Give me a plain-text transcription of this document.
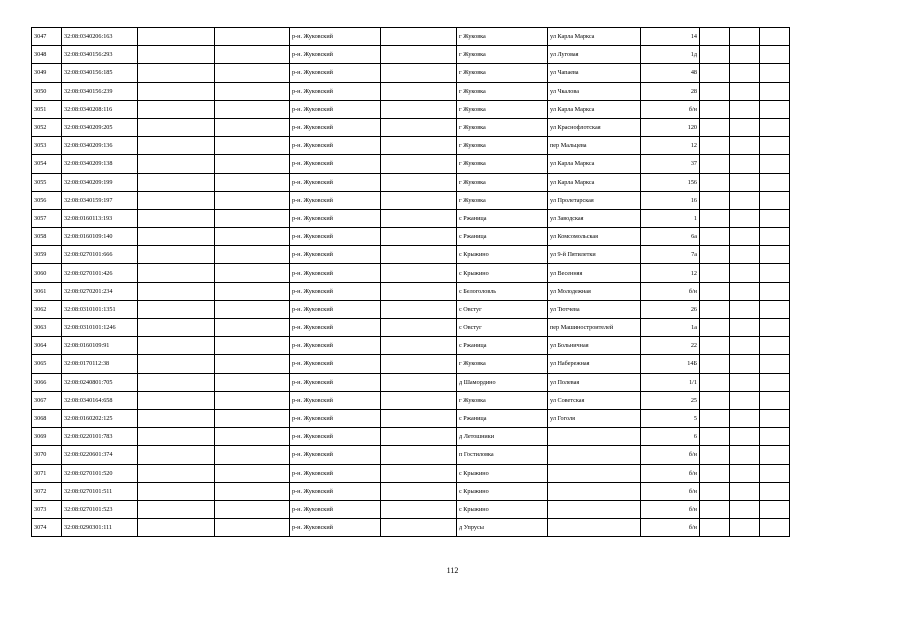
3047	32:08:0340206:163			р-н. Жуковский		г Жуковка	ул Карла Маркса	14			
3048	32:08:0340156:293			р-н. Жуковский		г Жуковка	ул Луговая	1д			
3049	32:08:0340156:185			р-н. Жуковский		г Жуковка	ул Чапаева	48			
3050	32:08:0340156:239			р-н. Жуковский		г Жуковка	ул Чкалова	28			
3051	32:08:0340208:116			р-н. Жуковский		г Жуковка	ул Карла Маркса	б/н			
3052	32:08:0340209:205			р-н. Жуковский		г Жуковка	ул Краснофлотская	120			
3053	32:08:0340209:136			р-н. Жуковский		г Жуковка	пер Мальцева	12			
3054	32:08:0340209:138			р-н. Жуковский		г Жуковка	ул Карла Маркса	37			
3055	32:08:0340209:199			р-н. Жуковский		г Жуковка	ул Карла Маркса	156			
3056	32:08:0340159:197			р-н. Жуковский		г Жуковка	ул Пролетарская	16			
3057	32:08:0160113:193			р-н. Жуковский		с Ржаница	ул Заводская	1			
3058	32:08:0160109:140			р-н. Жуковский		с Ржаница	ул Комсомольская	6а			
3059	32:08:0270101:666			р-н. Жуковский		с Крыжино	ул 9-й Пятилетки	7а			
3060	32:08:0270101:426			р-н. Жуковский		с Крыжино	ул Весенняя	12			
3061	32:08:0270201:234			р-н. Жуковский		с Белоголовль	ул Молодежная	б/н			
3062	32:08:0310101:1351			р-н. Жуковский		с Овстуг	ул Тютчева	26			
3063	32:08:0310101:1246			р-н. Жуковский		с Овстуг	пер Машиностроителей	1а			
3064	32:08:0160109:91			р-н. Жуковский		с Ржаница	ул Больничная	22			
3065	32:08:0170112:38			р-н. Жуковский		г Жуковка	ул Набережная	14Б			
3066	32:08:0240801:705			р-н. Жуковский		д Шамордино	ул Полевая	1/1			
3067	32:08:0340164:658			р-н. Жуковский		г Жуковка	ул Советская	25			
3068	32:08:0160202:125			р-н. Жуковский		с Ржаница	ул Гоголя	5			
3069	32:08:0220101:783			р-н. Жуковский		д Летошники		6			
3070	32:08:0220601:374			р-н. Жуковский		п Гостиловка		б/н			
3071	32:08:0270101:520			р-н. Жуковский		с Крыжино		б/н			
3072	32:08:0270101:511			р-н. Жуковский		с Крыжино		б/н			
3073	32:08:0270101:523			р-н. Жуковский		с Крыжино		б/н			
3074	32:08:0290301:111			р-н. Жуковский		д Упрусы		б/н			
112
